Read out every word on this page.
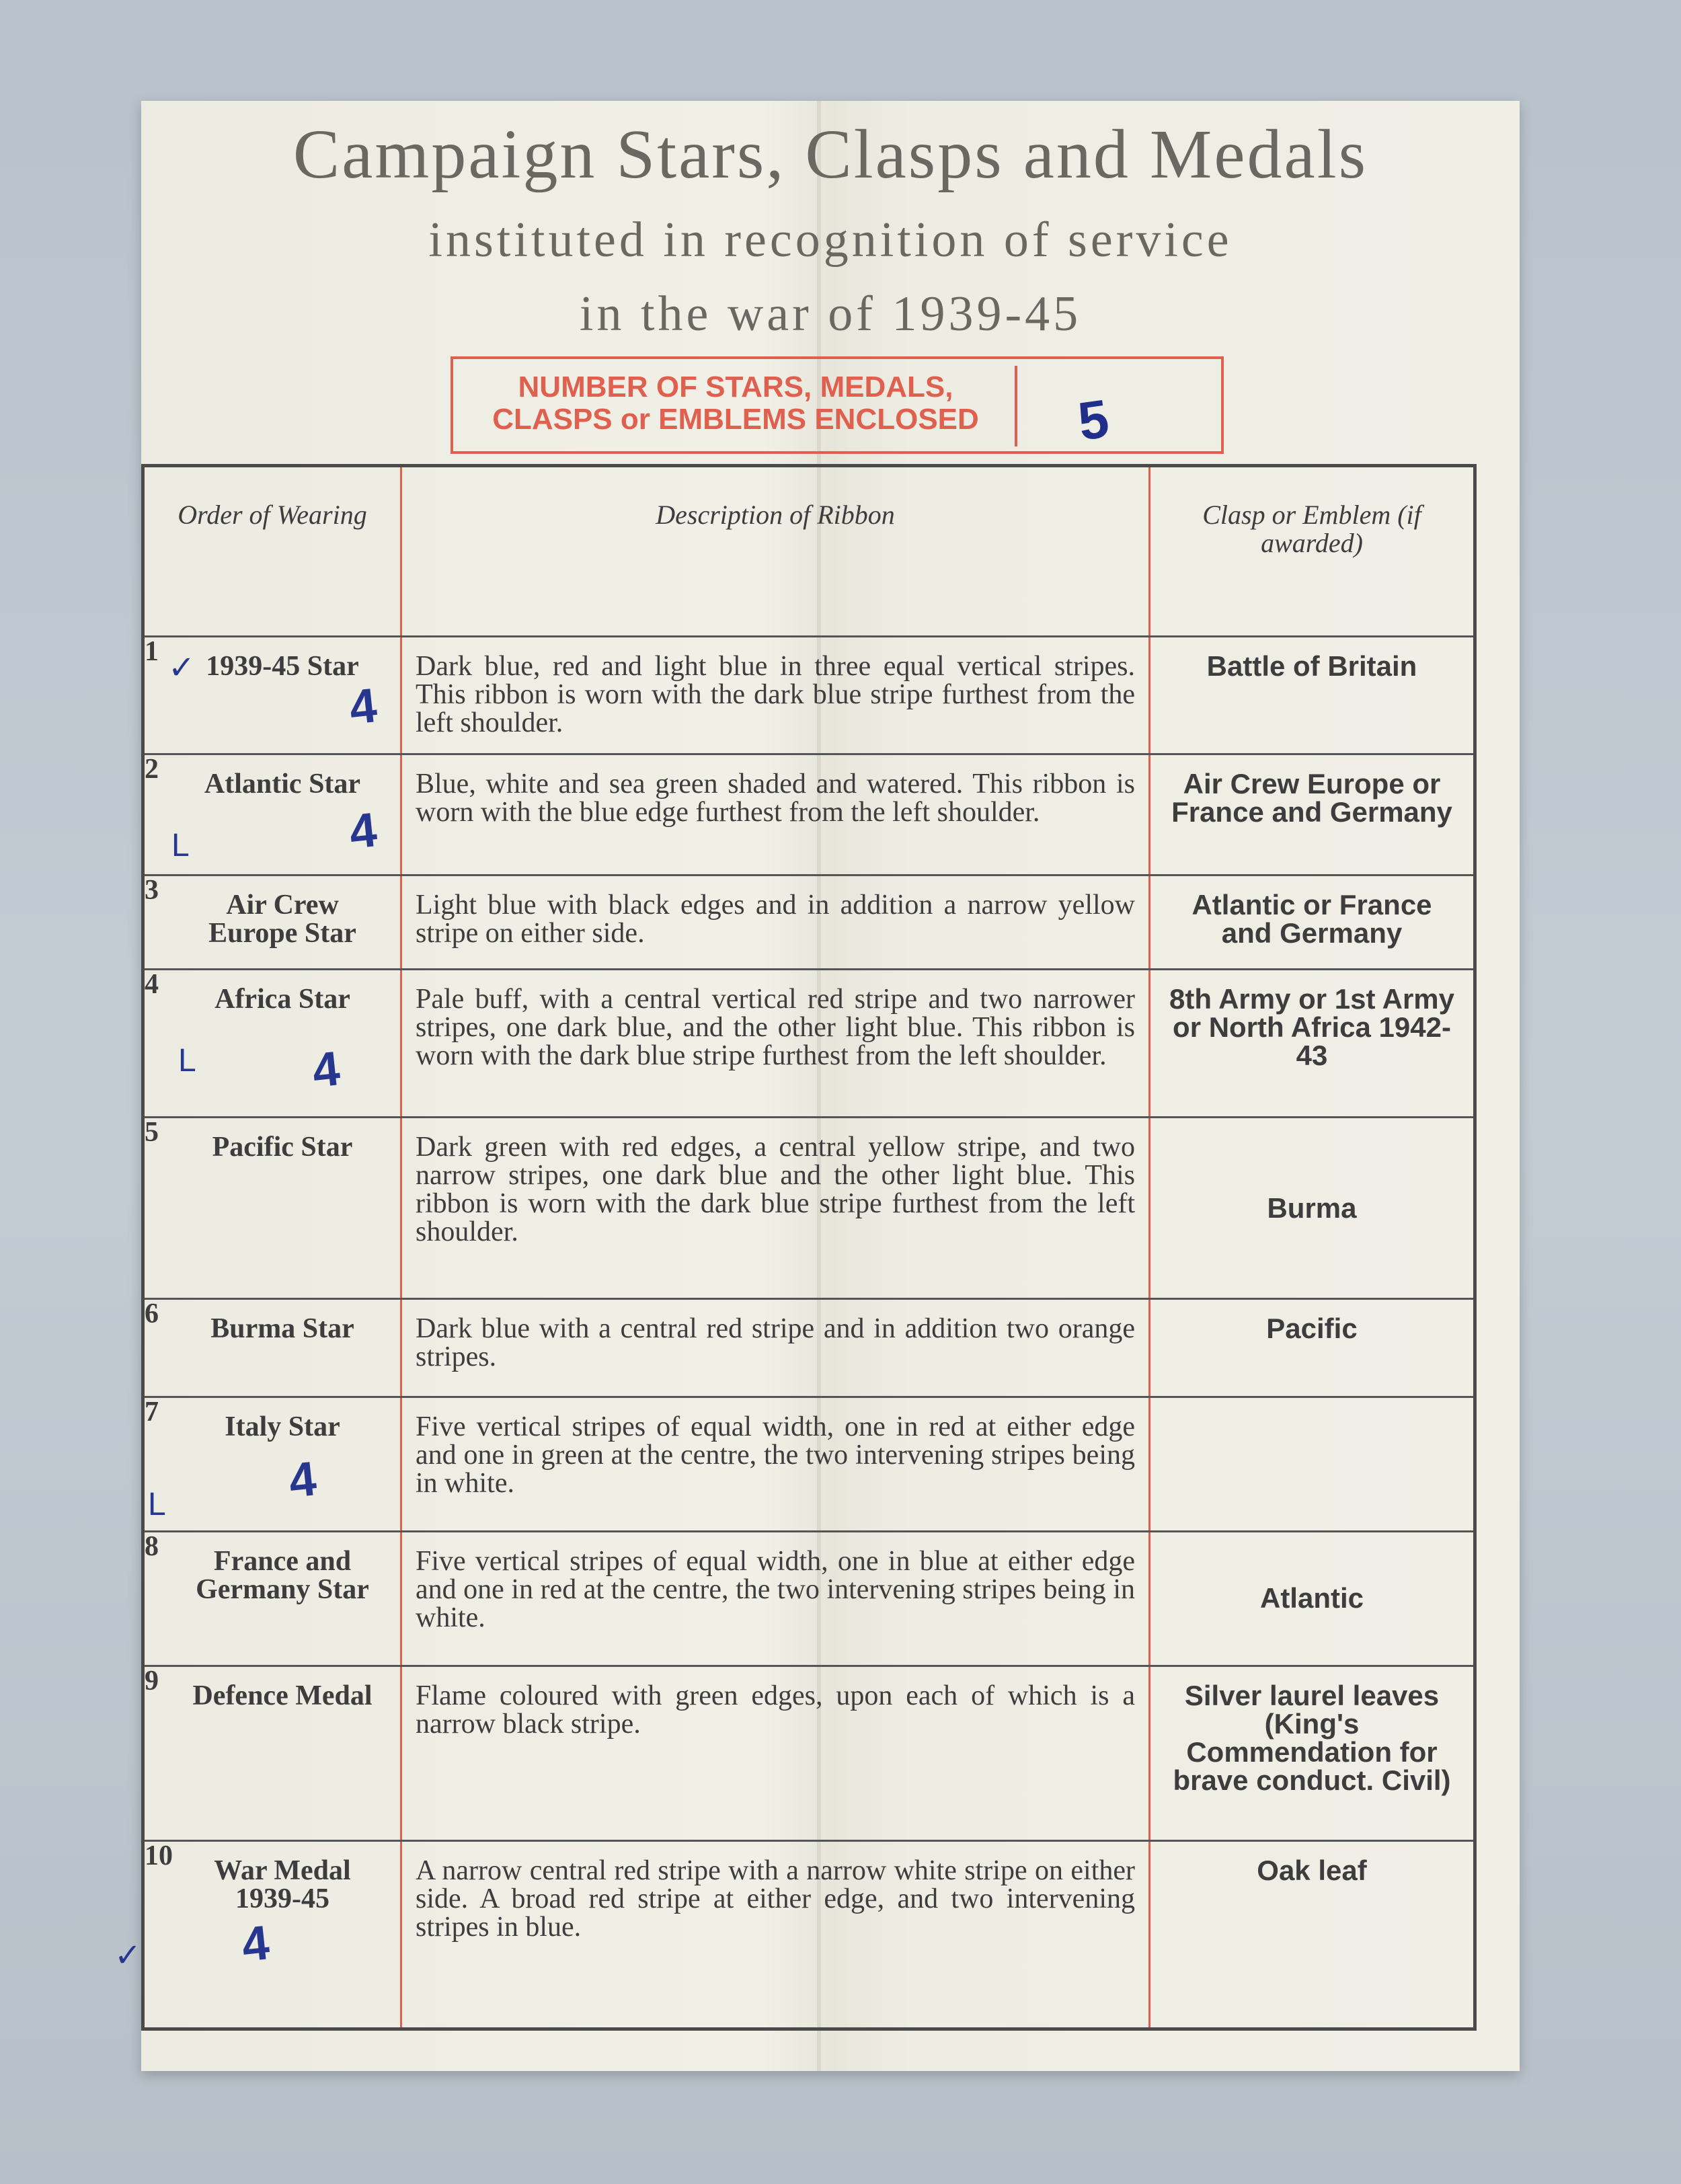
Campaign Stars, Clasps and Medals
instituted in recognition of service
in the war of 1939-45
NUMBER OF STARS, MEDALS, CLASPS or EMBLEMS ENCLOSED	5
Order of Wearing	Description of Ribbon	Clasp or Emblem (if awarded)

1 1939-45 Star	Dark blue, red and light blue in three equal vertical stripes. This ribbon is worn with the dark blue stripe furthest from the left shoulder.	Battle of Britain

2 Atlantic Star	Blue, white and sea green shaded and watered. This ribbon is worn with the blue edge furthest from the left shoulder.	Air Crew Europe or France and Germany

3 Air Crew Europe Star	Light blue with black edges and in addition a narrow yellow stripe on either side.	Atlantic or France and Germany

4 Africa Star	Pale buff, with a central vertical red stripe and two narrower stripes, one dark blue, and the other light blue. This ribbon is worn with the dark blue stripe furthest from the left shoulder.	8th Army or 1st Army or North Africa 1942-43

5 Pacific Star	Dark green with red edges, a central yellow stripe, and two narrow stripes, one dark blue and the other light blue. This ribbon is worn with the dark blue stripe furthest from the left shoulder.	Burma

6 Burma Star	Dark blue with a central red stripe and in addition two orange stripes.	Pacific

7 Italy Star	Five vertical stripes of equal width, one in red at either edge and one in green at the centre, the two intervening stripes being in white.	

8 France and Germany Star	Five vertical stripes of equal width, one in blue at either edge and one in red at the centre, the two intervening stripes being in white.	Atlantic

9 Defence Medal	Flame coloured with green edges, upon each of which is a narrow black stripe.	Silver laurel leaves (King's Commendation for brave conduct. Civil)

10 War Medal 1939-45	A narrow central red stripe with a narrow white stripe on either side. A broad red stripe at either edge, and two intervening stripes in blue.	Oak leaf
4
4
4
4
4
✓
L
L
L
✓
